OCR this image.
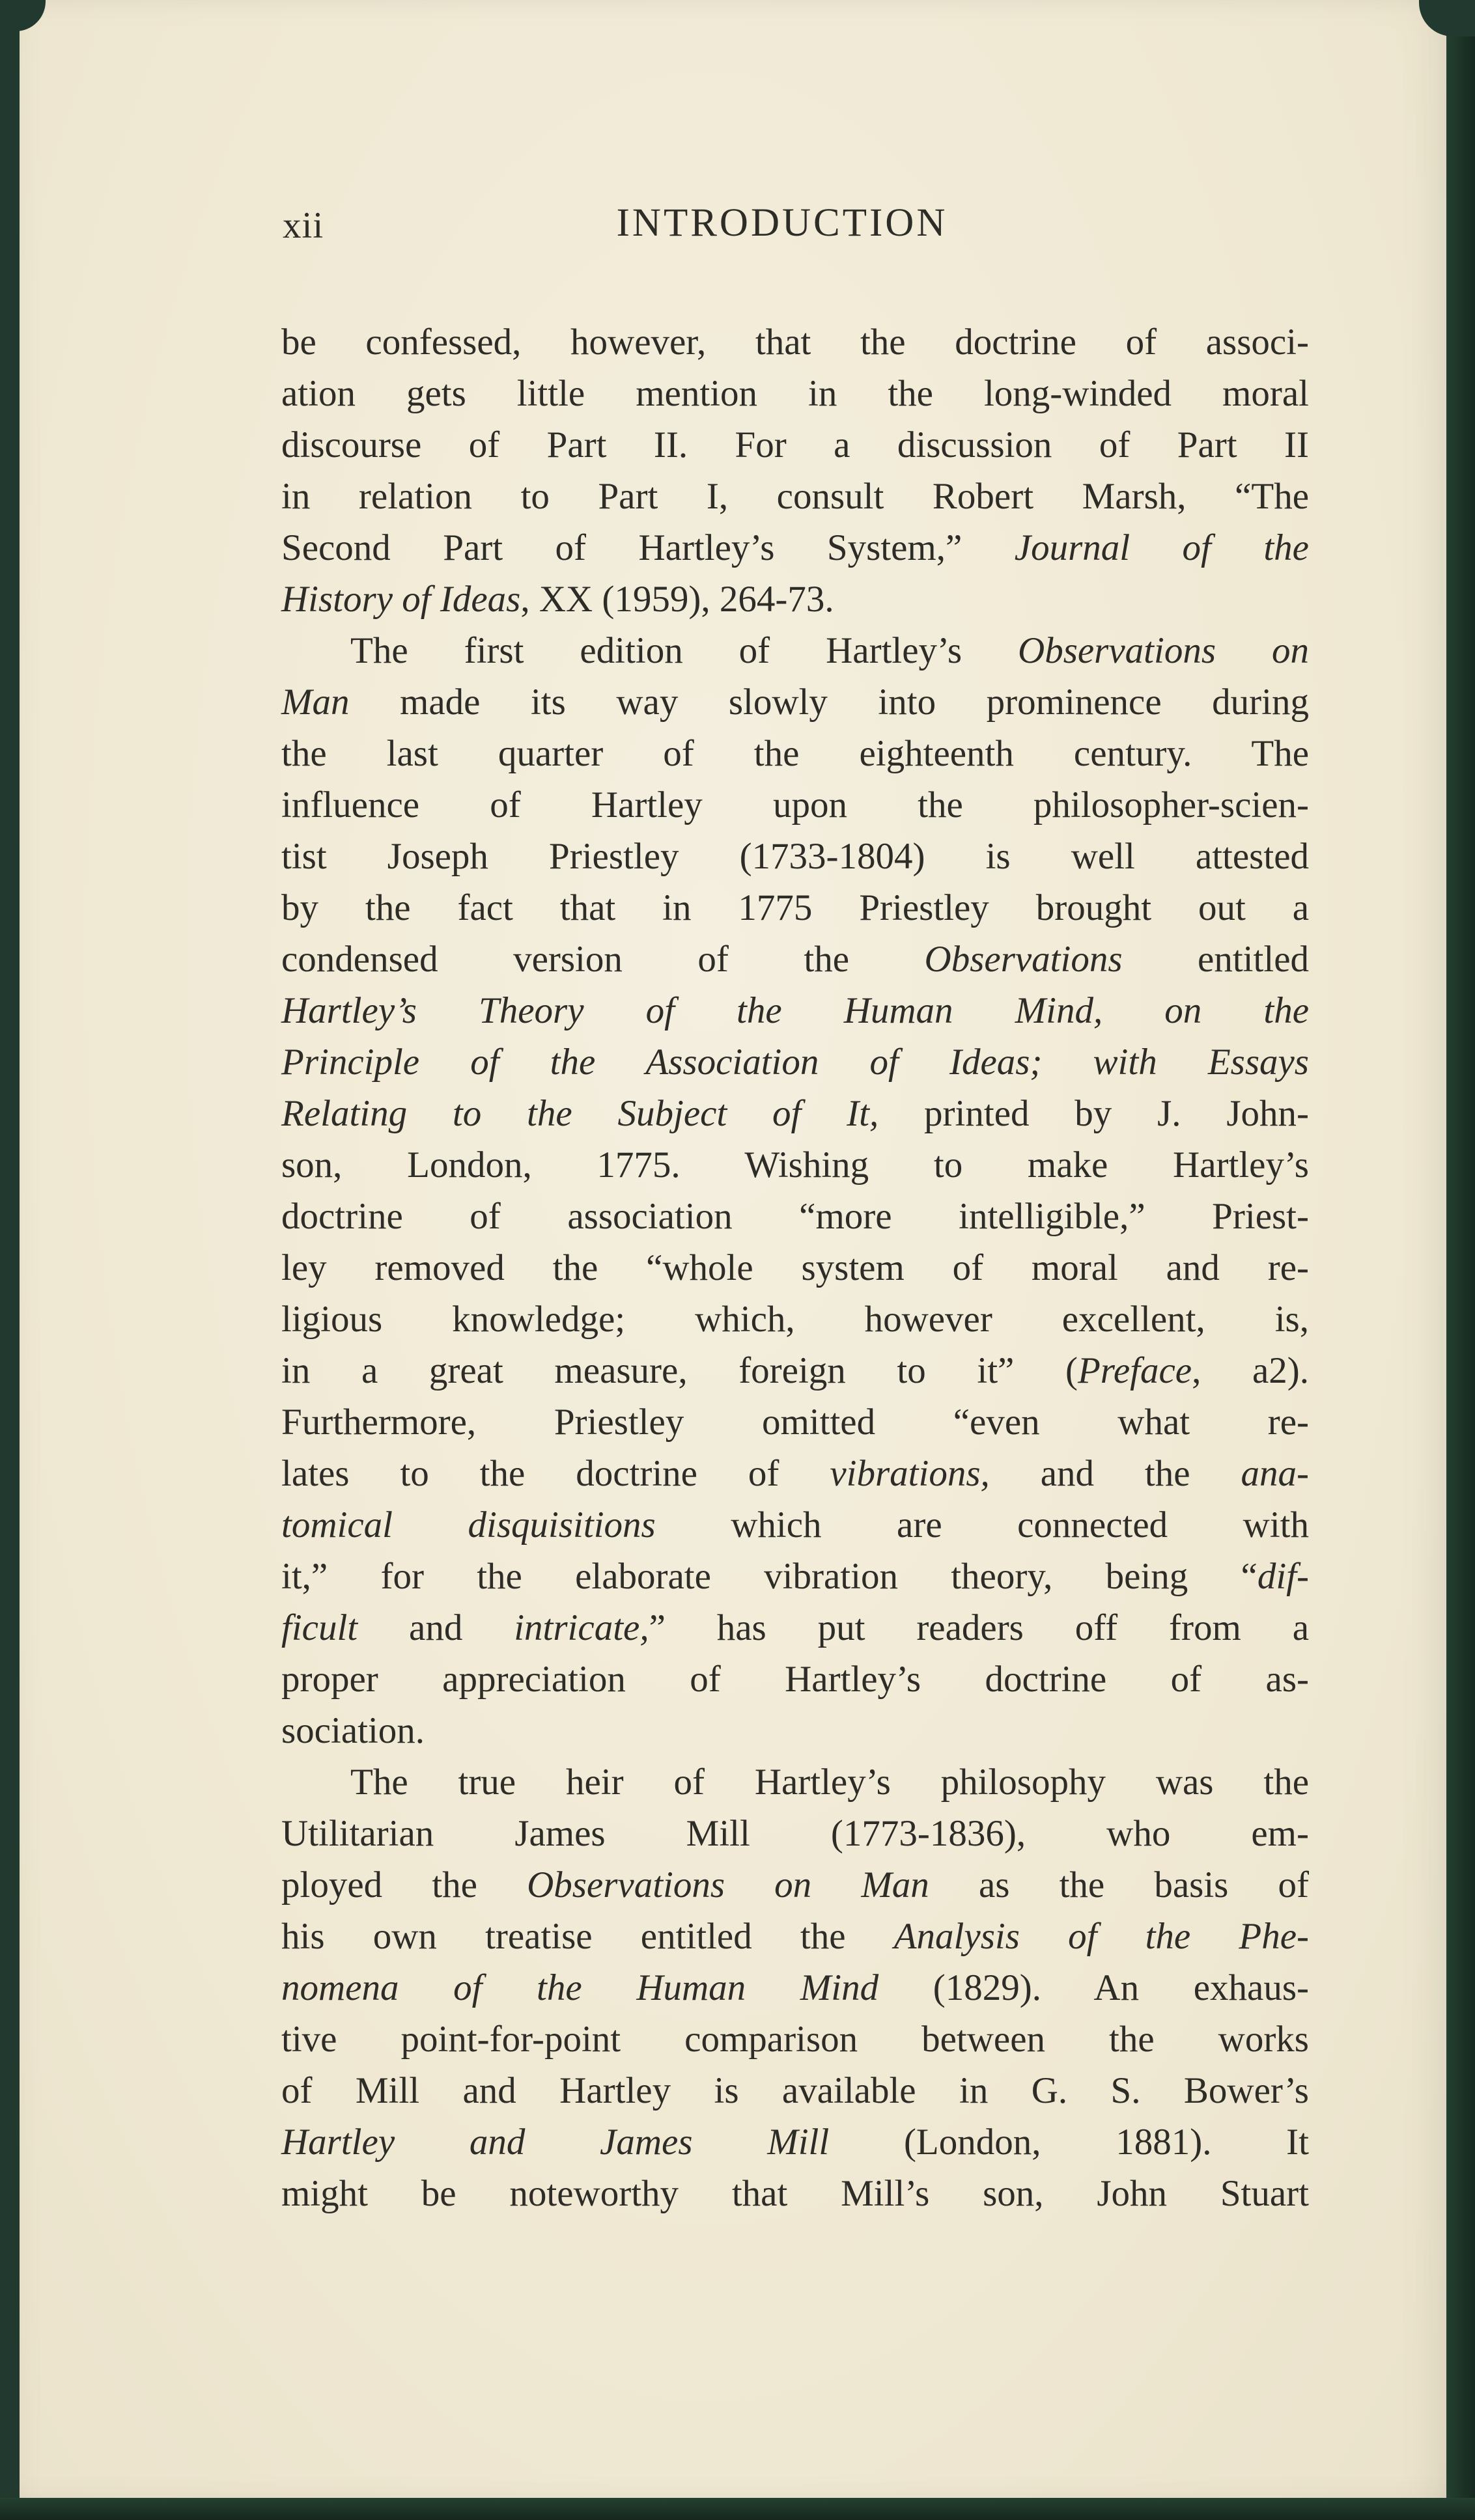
xii	INTRODUCTION
be confessed, however, that the doctrine of associ-
ation gets little mention in the long-winded moral
discourse of Part II. For a discussion of Part II
in relation to Part I, consult Robert Marsh, “The
Second Part of Hartley’s System,” Journal of the
History of Ideas, XX (1959), 264-73.
The first edition of Hartley’s Observations on
Man made its way slowly into prominence during
the last quarter of the eighteenth century. The
influence of Hartley upon the philosopher-scien-
tist Joseph Priestley (1733-1804) is well attested
by the fact that in 1775 Priestley brought out a
condensed version of the Observations entitled
Hartley’s Theory of the Human Mind, on the
Principle of the Association of Ideas; with Essays
Relating to the Subject of It, printed by J. John-
son, London, 1775. Wishing to make Hartley’s
doctrine of association “more intelligible,” Priest-
ley removed the “whole system of moral and re-
ligious knowledge; which, however excellent, is,
in a great measure, foreign to it” (Preface, a2).
Furthermore, Priestley omitted “even what re-
lates to the doctrine of vibrations, and the ana-
tomical disquisitions which are connected with
it,” for the elaborate vibration theory, being “dif-
ficult and intricate,” has put readers off from a
proper appreciation of Hartley’s doctrine of as-
sociation.
The true heir of Hartley’s philosophy was the
Utilitarian James Mill (1773-1836), who em-
ployed the Observations on Man as the basis of
his own treatise entitled the Analysis of the Phe-
nomena of the Human Mind (1829). An exhaus-
tive point-for-point comparison between the works
of Mill and Hartley is available in G. S. Bower’s
Hartley and James Mill (London, 1881). It
might be noteworthy that Mill’s son, John Stuart
